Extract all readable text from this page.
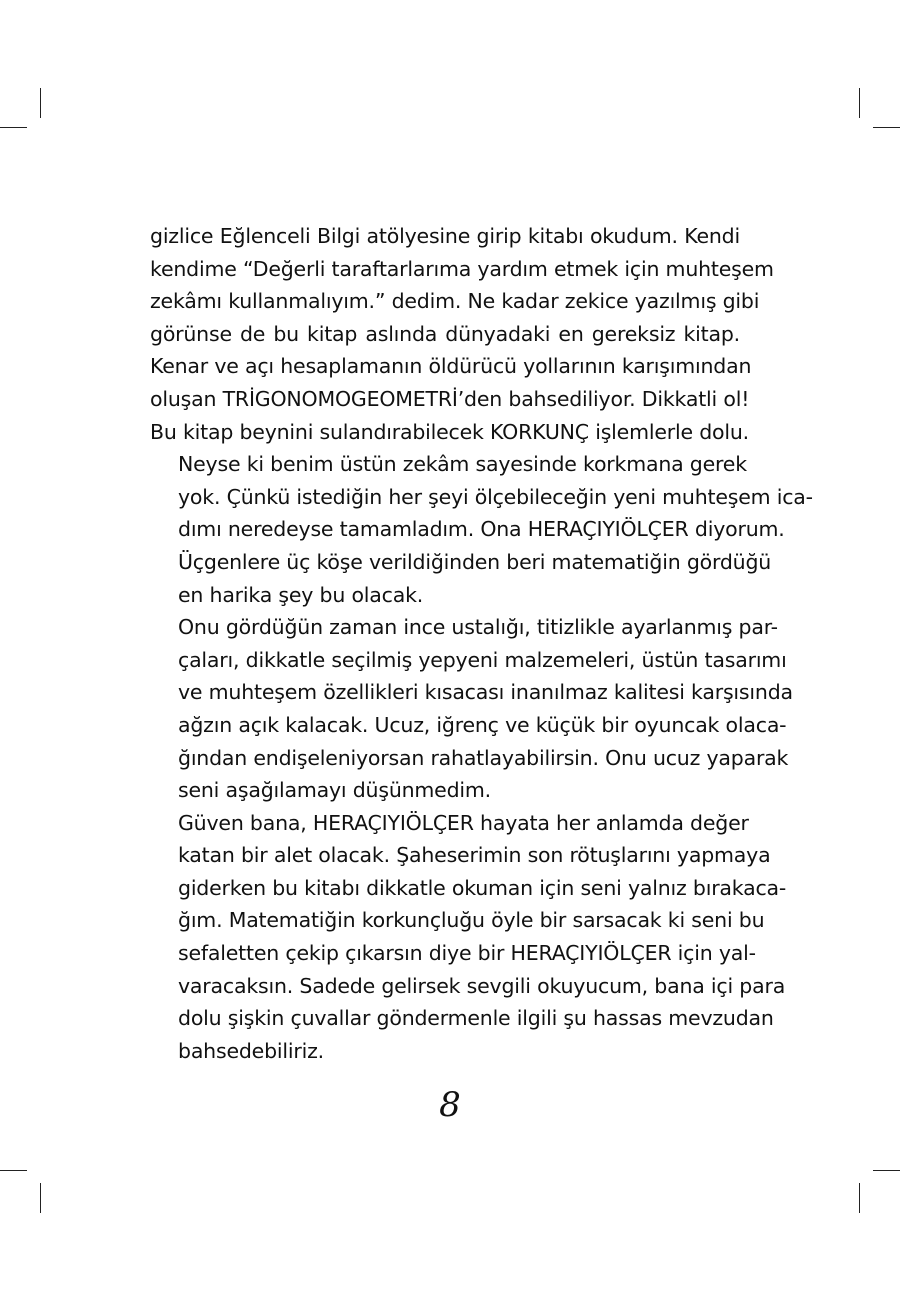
gizlice Eğlenceli Bilgi atölyesine girip kitabı okudum. Kendi
kendime “Değerli taraftarlarıma yardım etmek için muhteşem
zekâmı kullanmalıyım.” dedim. Ne kadar zekice yazılmış gibi
görünse de bu kitap aslında dünyadaki en gereksiz kitap.
Kenar ve açı hesaplamanın öldürücü yollarının karışımından
oluşan TRİGONOMOGEOMETRİ’den bahsediliyor. Dikkatli ol!
Bu kitap beynini sulandırabilecek KORKUNÇ işlemlerle dolu.

Neyse ki benim üstün zekâm sayesinde korkmana gerek
yok. Çünkü istediğin her şeyi ölçebileceğin yeni muhteşem ica-
dımı neredeyse tamamladım. Ona HERAÇIYIÖLÇER diyorum.
Üçgenlere üç köşe verildiğinden beri matematiğin gördüğü
en harika şey bu olacak.

Onu gördüğün zaman ince ustalığı, titizlikle ayarlanmış par-
çaları, dikkatle seçilmiş yepyeni malzemeleri, üstün tasarımı
ve muhteşem özellikleri kısacası inanılmaz kalitesi karşısında
ağzın açık kalacak. Ucuz, iğrenç ve küçük bir oyuncak olaca-
ğından endişeleniyorsan rahatlayabilirsin. Onu ucuz yaparak
seni aşağılamayı düşünmedim.

Güven bana, HERAÇIYIÖLÇER hayata her anlamda değer
katan bir alet olacak. Şaheserimin son rötuşlarını yapmaya
giderken bu kitabı dikkatle okuman için seni yalnız bırakaca-
ğım. Matematiğin korkunçluğu öyle bir sarsacak ki seni bu
sefaletten çekip çıkarsın diye bir HERAÇIYIÖLÇER için yal-
varacaksın. Sadede gelirsek sevgili okuyucum, bana içi para
dolu şişkin çuvallar göndermenle ilgili şu hassas mevzudan
bahsedebiliriz.

8
